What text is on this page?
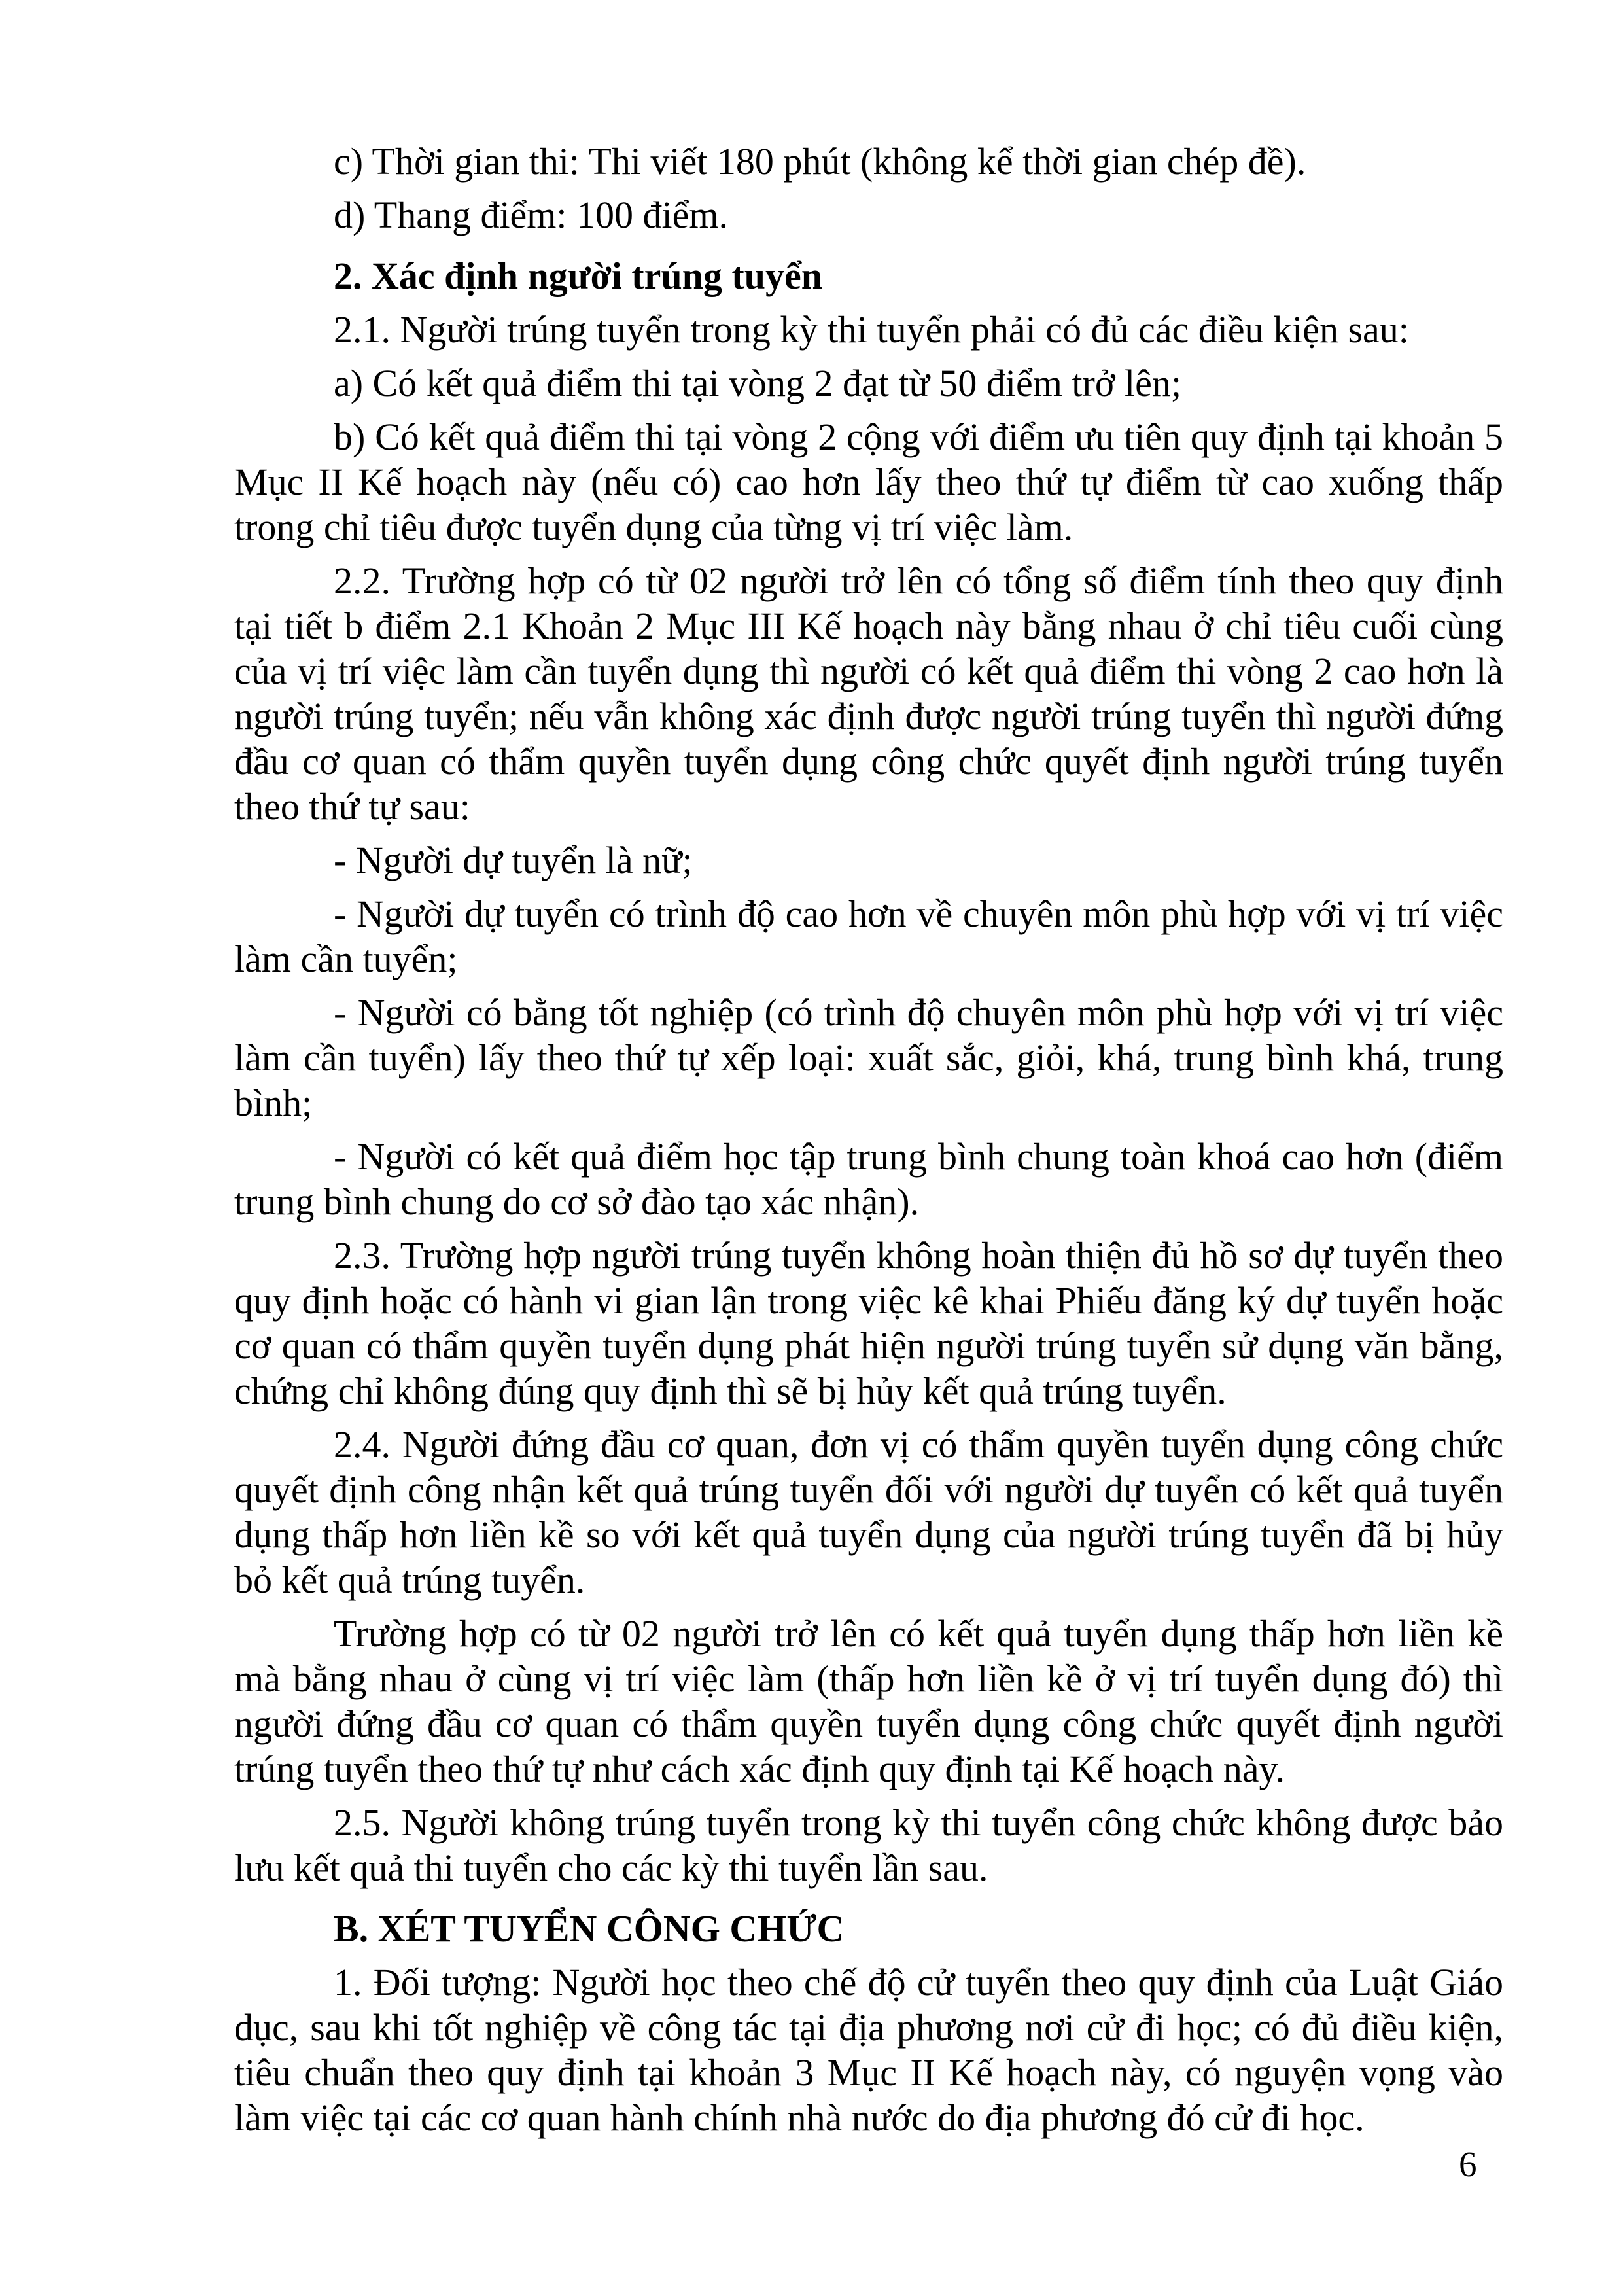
c) Thời gian thi: Thi viết 180 phút (không kể thời gian chép đề).
d) Thang điểm: 100 điểm.
2. Xác định người trúng tuyển
2.1. Người trúng tuyển trong kỳ thi tuyển phải có đủ các điều kiện sau:
a) Có kết quả điểm thi tại vòng 2 đạt từ 50 điểm trở lên;
b) Có kết quả điểm thi tại vòng 2 cộng với điểm ưu tiên quy định tại khoản 5 Mục II Kế hoạch này (nếu có) cao hơn lấy theo thứ tự điểm từ cao xuống thấp trong chỉ tiêu được tuyển dụng của từng vị trí việc làm.
2.2. Trường hợp có từ 02 người trở lên có tổng số điểm tính theo quy định tại tiết b điểm 2.1 Khoản 2 Mục III Kế hoạch này bằng nhau ở chỉ tiêu cuối cùng của vị trí việc làm cần tuyển dụng thì người có kết quả điểm thi vòng 2 cao hơn là người trúng tuyển; nếu vẫn không xác định được người trúng tuyển thì người đứng đầu cơ quan có thẩm quyền tuyển dụng công chức quyết định người trúng tuyển theo thứ tự sau:
- Người dự tuyển là nữ;
- Người dự tuyển có trình độ cao hơn về chuyên môn phù hợp với vị trí việc làm cần tuyển;
- Người có bằng tốt nghiệp (có trình độ chuyên môn phù hợp với vị trí việc làm cần tuyển) lấy theo thứ tự xếp loại: xuất sắc, giỏi, khá, trung bình khá, trung bình;
- Người có kết quả điểm học tập trung bình chung toàn khoá cao hơn (điểm trung bình chung do cơ sở đào tạo xác nhận).
2.3. Trường hợp người trúng tuyển không hoàn thiện đủ hồ sơ dự tuyển theo quy định hoặc có hành vi gian lận trong việc kê khai Phiếu đăng ký dự tuyển hoặc cơ quan có thẩm quyền tuyển dụng phát hiện người trúng tuyển sử dụng văn bằng, chứng chỉ không đúng quy định thì sẽ bị hủy kết quả trúng tuyển.
2.4. Người đứng đầu cơ quan, đơn vị có thẩm quyền tuyển dụng công chức quyết định công nhận kết quả trúng tuyển đối với người dự tuyển có kết quả tuyển dụng thấp hơn liền kề so với kết quả tuyển dụng của người trúng tuyển đã bị hủy bỏ kết quả trúng tuyển.
Trường hợp có từ 02 người trở lên có kết quả tuyển dụng thấp hơn liền kề mà bằng nhau ở cùng vị trí việc làm (thấp hơn liền kề ở vị trí tuyển dụng đó) thì người đứng đầu cơ quan có thẩm quyền tuyển dụng công chức quyết định người trúng tuyển theo thứ tự như cách xác định quy định tại Kế hoạch này.
2.5. Người không trúng tuyển trong kỳ thi tuyển công chức không được bảo lưu kết quả thi tuyển cho các kỳ thi tuyển lần sau.
B. XÉT TUYỂN CÔNG CHỨC
1. Đối tượng: Người học theo chế độ cử tuyển theo quy định của Luật Giáo dục, sau khi tốt nghiệp về công tác tại địa phương nơi cử đi học; có đủ điều kiện, tiêu chuẩn theo quy định tại khoản 3 Mục II Kế hoạch này, có nguyện vọng vào làm việc tại các cơ quan hành chính nhà nước do địa phương đó cử đi học.
6
